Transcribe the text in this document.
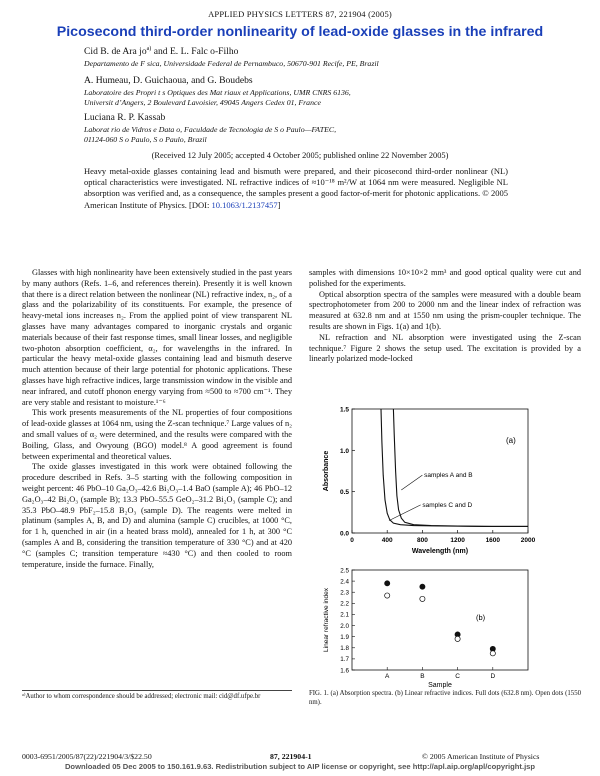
APPLIED PHYSICS LETTERS 87, 221904 (2005)
Picosecond third-order nonlinearity of lead-oxide glasses in the infrared
Cid B. de Ara $jo^{a)}$ and E. L. Falc o-Filho
Departamento de F sica, Universidade Federal de Pernambuco, 50670-901 Recife, PE, Brazil
A. Humeau, D. Guichaoua, and G. Boudebs
Laboratoire des Propri t s Optiques des Mat riaux et Applications, UMR CNRS 6136,
Universit d’Angers, 2 Boulevard Lavoisier, 49045 Angers Cedex 01, France
Luciana R. P. Kassab
Laborat rio de Vidros e Data o, Faculdade de Tecnologia de S o Paulo—FATEC,
01124-060 S o Paulo, S o Paulo, Brazil
(Received 12 July 2005; accepted 4 October 2005; published online 22 November 2005)
Heavy metal-oxide glasses containing lead and bismuth were prepared, and their picosecond third-order nonlinear (NL) optical characteristics were investigated. NL refractive indices of ≈10⁻¹⁸ m²/W at 1064 nm were measured. Negligible NL absorption was verified and, as a consequence, the samples present a good factor-of-merit for photonic applications. © 2005 American Institute of Physics. [DOI: 10.1063/1.2137457]

Glasses with high nonlinearity have been extensively studied in the past years by many authors (Refs. 1–6, and references therein). Presently it is well known that there is a direct relation between the nonlinear (NL) refractive index, n₂, of a glass and the polarizability of its constituents. For example, the presence of heavy-metal ions increases n₂. From the applied point of view transparent NL glasses have many advantages compared to inorganic crystals and organic materials because of their fast response times, small linear losses, and negligible two-photon absorption coefficient, α₂, for wavelengths in the infrared. In particular the heavy metal-oxide glasses containing lead and bismuth deserve much attention because of their large potential for photonic applications. These glasses have high refractive indices, large transmission window in the visible and near infrared, and cutoff phonon energy varying from ≈500 to ≈700 cm⁻¹. They are very stable and resistant to moisture.¹⁻⁶

This work presents measurements of the NL properties of four compositions of lead-oxide glasses at 1064 nm, using the Z-scan technique.⁷ Large values of n₂ and small values of α₂ were determined, and the results were compared with the Boiling, Glass, and Owyoung (BGO) model.⁸ A good agreement is found between experimental and theoretical values.

The oxide glasses investigated in this work were obtained following the procedure described in Refs. 3–5 starting with the following composition in weight percent: 46 PbO–10 Ga₂O₃–42.6 Bi₂O₃–1.4 BaO (sample A); 46 PbO–12 Ga₂O₃–42 Bi₂O₃ (sample B); 13.3 PbO–55.5 GeO₂–31.2 Bi₂O₃ (sample C); and 35.3 PbO–48.9 PbF₂–15.8 B₂O₃ (sample D). The reagents were melted in platinum (samples A, B, and D) and alumina (sample C) crucibles, at 1000 °C, for 1 h, quenched in air (in a heated brass mold), annealed for 1 h, at 300 °C (samples A and B, considering the transition temperature of 330 °C) and at 420 °C (samples C; transition temperature ≈430 °C) and then cooled to room temperature, inside the furnace. Finally,

samples with dimensions 10×10×2 mm³ and good optical quality were cut and polished for the experiments.

Optical absorption spectra of the samples were measured with a double beam spectrophotometer from 200 to 2000 nm and the linear index of refraction was measured at 632.8 nm and at 1550 nm using the prism-coupler technique. The results are shown in Figs. 1(a) and 1(b).

NL refraction and NL absorption were investigated using the Z-scan technique.⁷ Figure 2 shows the setup used. The excitation is provided by a linearly polarized mode-locked

0	400	800	1200	1600	2000
0.0
0.5
1.0
1.5
Wavelength (nm)
Absorbance
(a)
samples A and B
samples C and D
1.6
1.7
1.8
1.9
2.0
2.1
2.2
2.3
2.4
2.5
A	B	C	D
Sample
Linear refractive index	(b)
ᵃ⁾Author to whom correspondence should be addressed; electronic mail: cid@df.ufpe.br	FIG. 1. (a) Absorption spectra. (b) Linear refractive indices. Full dots (632.8 nm). Open dots (1550 nm).
0003-6951/2005/87(22)/221904/3/$22.50	87, 221904-1	© 2005 American Institute of Physics
Downloaded 05 Dec 2005 to 150.161.9.63. Redistribution subject to AIP license or copyright, see http://apl.aip.org/apl/copyright.jsp
